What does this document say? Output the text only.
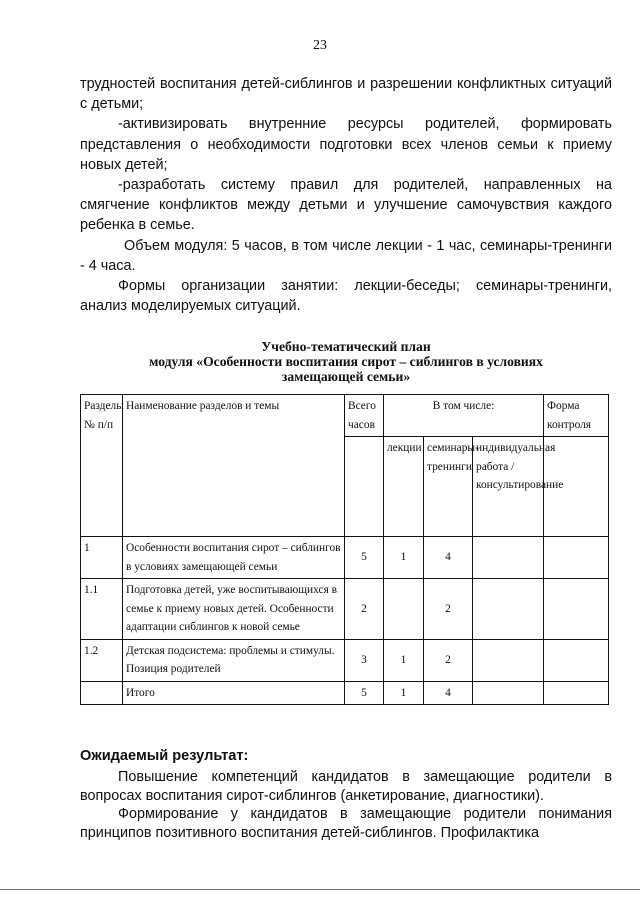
23

трудностей воспитания детей-сиблингов и разрешении конфликтных ситуаций с детьми;

-активизировать внутренние ресурсы родителей, формировать представления о необходимости подготовки всех членов семьи к приему новых детей;

-разработать систему правил для родителей, направленных на смягчение конфликтов между детьми и улучшение самочувствия каждого ребенка в семье.

Объем модуля: 5 часов, в том числе лекции - 1 час, семинары-тренинги - 4 часа.

Формы организации занятии: лекции-беседы; семинары-тренинги, анализ моделируемых ситуаций.

Учебно-тематический план
модуля «Особенности воспитания сирот – сиблингов в условиях
замещающей семьи»
Разделы № п/п	Наименование разделов и темы	Всего часов	В том числе:			Форма контроля
			лекции	семинары-тренинги	индивидуальная работа / консультирование	
1	Особенности воспитания сирот – сиблингов в условиях замещающей семьи	5	1	4		
1.1	Подготовка детей, уже воспитывающихся в семье к приему новых детей. Особенности адаптации сиблингов к новой семье	2		2		
1.2	Детская подсистема: проблемы и стимулы. Позиция родителей	3	1	2		
	Итого	5	1	4		
Ожидаемый результат:

Повышение компетенций кандидатов в замещающие родители в вопросах воспитания сирот-сиблингов (анкетирование, диагностики).

Формирование у кандидатов в замещающие родители понимания принципов позитивного воспитания детей-сиблингов. Профилактика
